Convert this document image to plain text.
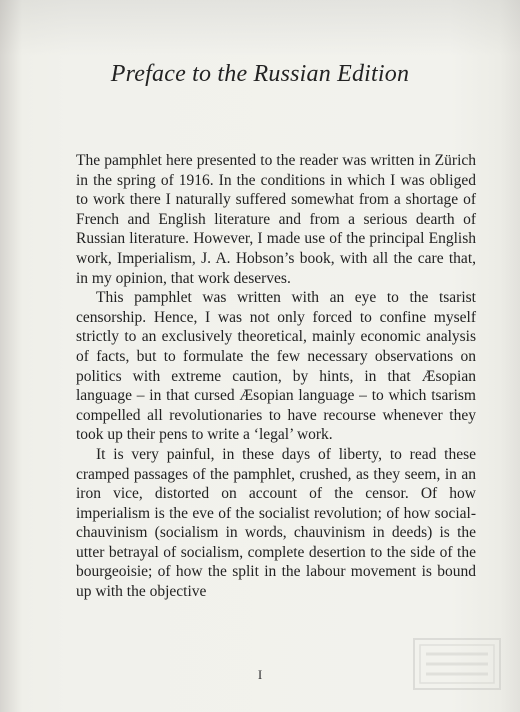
Preface to the Russian Edition

The pamphlet here presented to the reader was written in Zürich in the spring of 1916. In the conditions in which I was obliged to work there I naturally suffered somewhat from a shortage of French and English literature and from a serious dearth of Russian literature. However, I made use of the principal English work, Imperialism, J. A. Hobson’s book, with all the care that, in my opinion, that work deserves.

This pamphlet was written with an eye to the tsarist censorship. Hence, I was not only forced to confine myself strictly to an exclusively theoretical, mainly economic analysis of facts, but to formulate the few necessary observations on politics with extreme caution, by hints, in that Æsopian language – in that cursed Æsopian language – to which tsarism compelled all revolutionaries to have recourse whenever they took up their pens to write a ‘legal’ work.

It is very painful, in these days of liberty, to read these cramped passages of the pamphlet, crushed, as they seem, in an iron vice, distorted on account of the censor. Of how imperialism is the eve of the socialist revolution; of how social-chauvinism (socialism in words, chauvinism in deeds) is the utter betrayal of socialism, complete desertion to the side of the bourgeoisie; of how the split in the labour movement is bound up with the objective

I
